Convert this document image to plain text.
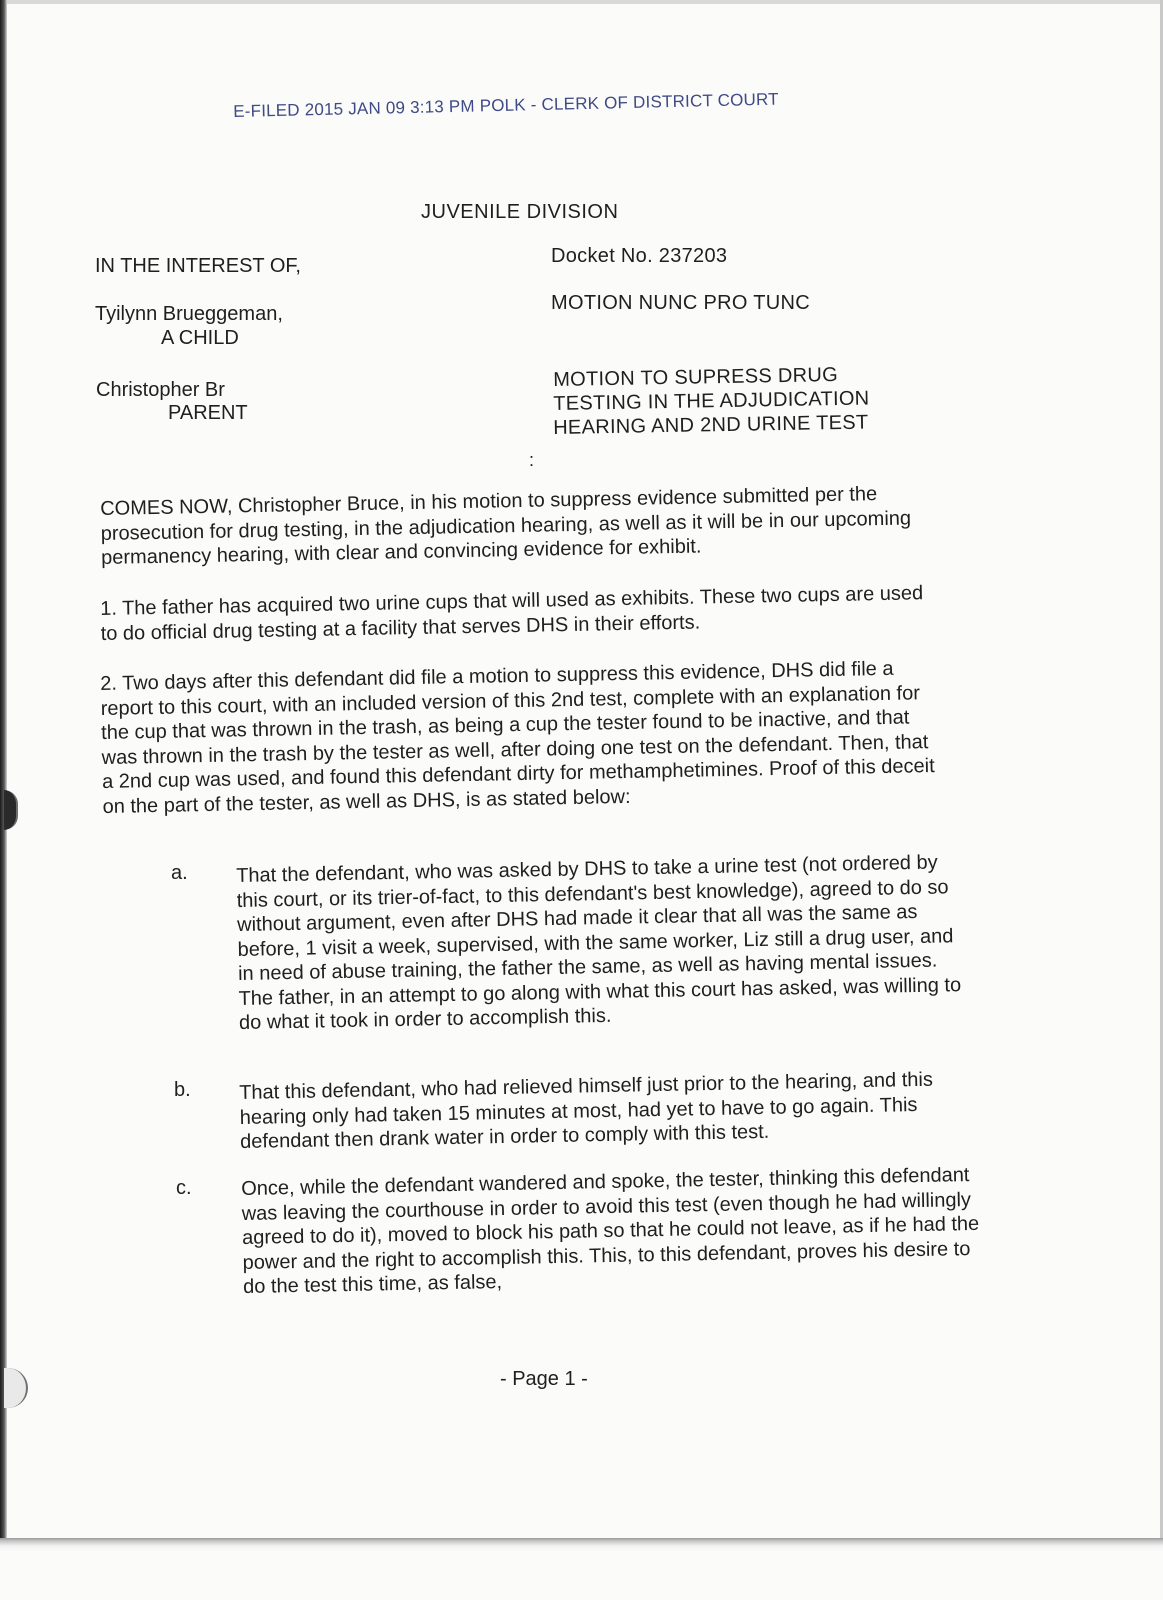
E-FILED 2015 JAN 09 3:13 PM POLK - CLERK OF DISTRICT COURT
JUVENILE DIVISION
IN THE INTEREST OF,
Tyilynn Brueggeman,
A CHILD
Christopher Br
PARENT
Docket No. 237203
MOTION NUNC PRO TUNC
MOTION TO SUPRESS DRUG
TESTING IN THE ADJUDICATION
HEARING AND 2ND URINE TEST
:
COMES NOW, Christopher Bruce, in his motion to suppress evidence submitted per the prosecution for drug testing, in the adjudication hearing, as well as it will be in our upcoming permanency hearing, with clear and convincing evidence for exhibit.
1. The father has acquired two urine cups that will used as exhibits. These two cups are used to do official drug testing at a facility that serves DHS in their efforts.
2. Two days after this defendant did file a motion to suppress this evidence, DHS did file a report to this court, with an included version of this 2nd test, complete with an explanation for the cup that was thrown in the trash, as being a cup the tester found to be inactive, and that was thrown in the trash by the tester as well, after doing one test on the defendant. Then, that a 2nd cup was used, and found this defendant dirty for methamphetimines. Proof of this deceit on the part of the tester, as well as DHS, is as stated below:
a. That the defendant, who was asked by DHS to take a urine test (not ordered by this court, or its trier-of-fact, to this defendant's best knowledge), agreed to do so without argument, even after DHS had made it clear that all was the same as before, 1 visit a week, supervised, with the same worker, Liz still a drug user, and in need of abuse training, the father the same, as well as having mental issues. The father, in an attempt to go along with what this court has asked, was willing to do what it took in order to accomplish this.
b. That this defendant, who had relieved himself just prior to the hearing, and this hearing only had taken 15 minutes at most, had yet to have to go again. This defendant then drank water in order to comply with this test.
c. Once, while the defendant wandered and spoke, the tester, thinking this defendant was leaving the courthouse in order to avoid this test (even though he had willingly agreed to do it), moved to block his path so that he could not leave, as if he had the power and the right to accomplish this. This, to this defendant, proves his desire to do the test this time, as false,
- Page 1 -
